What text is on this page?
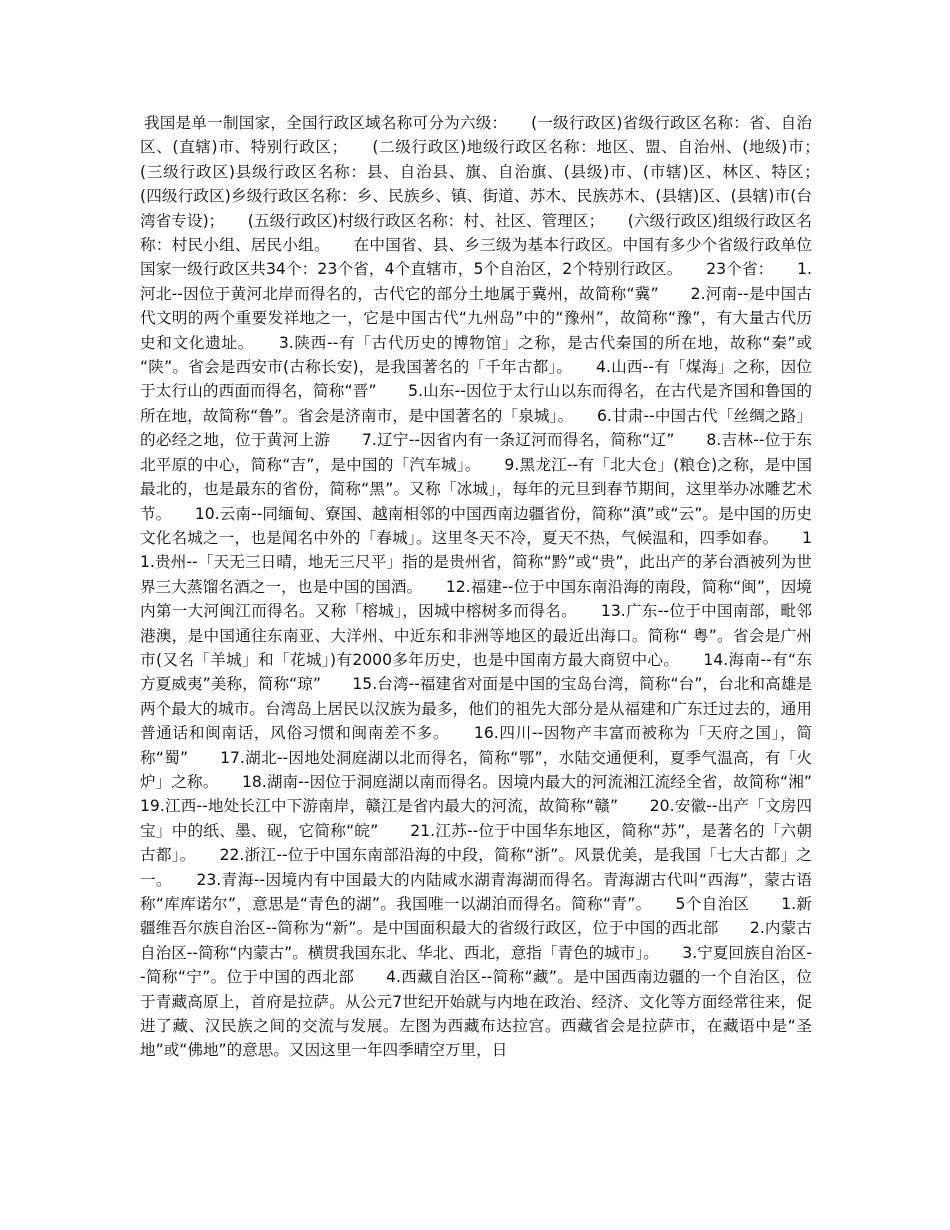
我国是单一制国家，全国行政区域名称可分为六级：　　(一级行政区)省级行政区名称：省、自治区、(直辖)市、特别行政区；　　(二级行政区)地级行政区名称：地区、盟、自治州、(地级)市；　　(三级行政区)县级行政区名称：县、自治县、旗、自治旗、(县级)市、(市辖)区、林区、特区；　　(四级行政区)乡级行政区名称：乡、民族乡、镇、街道、苏木、民族苏木、(县辖)区、(县辖)市(台湾省专设)；　　(五级行政区)村级行政区名称：村、社区、管理区；　　(六级行政区)组级行政区名称：村民小组、居民小组。　　在中国省、县、乡三级为基本行政区。中国有多少个省级行政单位　　国家一级行政区共34个：23个省，4个直辖市，5个自治区，2个特别行政区。　　23个省：　　1.河北--因位于黄河北岸而得名的，古代它的部分土地属于冀州，故简称“冀”　　2.河南--是中国古代文明的两个重要发祥地之一，它是中国古代“九州岛”中的“豫州”，故简称“豫”，有大量古代历史和文化遗址。　　3.陕西--有「古代历史的博物馆」之称，是古代秦国的所在地，故称“秦”或 “陕”。省会是西安市(古称长安)，是我国著名的「千年古都」。　　4.山西--有「煤海」之称，因位于太行山的西面而得名，简称“晋”　　5.山东--因位于太行山以东而得名，在古代是齐国和鲁国的所在地，故简称“鲁”。省会是济南市，是中国著名的「泉城」。　　6.甘肃--中国古代「丝绸之路」的必经之地，位于黄河上游　　7.辽宁--因省内有一条辽河而得名，简称“辽”　　8.吉林--位于东北平原的中心，简称“吉”，是中国的「汽车城」。　　9.黑龙江--有「北大仓」(粮仓)之称，是中国最北的，也是最东的省份，简称“黑”。又称「冰城」，每年的元旦到春节期间，这里举办冰雕艺术节。　　10.云南--同缅甸、寮国、越南相邻的中国西南边疆省份，简称“滇”或“云”。是中国的历史文化名城之一，也是闻名中外的「春城」。这里冬天不冷，夏天不热，气候温和，四季如春。　　11.贵州--「天无三日晴，地无三尺平」指的是贵州省，简称“黔”或“贵”，此出产的茅台酒被列为世界三大蒸馏名酒之一，也是中国的国酒。　　12.福建--位于中国东南沿海的南段，简称“闽”，因境内第一大河闽江而得名。又称「榕城」，因城中榕树多而得名。　　13.广东--位于中国南部，毗邻港澳，是中国通往东南亚、大洋州、中近东和非洲等地区的最近出海口。简称“ 粤”。省会是广州市(又名「羊城」和「花城」)有2000多年历史，也是中国南方最大商贸中心。　　14.海南--有“东方夏威夷”美称，简称“琼”　　15.台湾--福建省对面是中国的宝岛台湾，简称“台”，台北和高雄是两个最大的城市。台湾岛上居民以汉族为最多，他们的祖先大部分是从福建和广东迁过去的，通用普通话和闽南话，风俗习惯和闽南差不多。　　16.四川--因物产丰富而被称为「天府之国」，简称“蜀”　　17.湖北--因地处洞庭湖以北而得名，简称“鄂”，水陆交通便利，夏季气温高，有「火炉」之称。　　18.湖南--因位于洞庭湖以南而得名。因境内最大的河流湘江流经全省，故简称“湘”　　19.江西--地处长江中下游南岸，赣江是省内最大的河流，故简称“赣”　　20.安徽--出产「文房四宝」中的纸、墨、砚，它简称“皖”　　21.江苏--位于中国华东地区，简称“苏”，是著名的「六朝古都」。　　22.浙江--位于中国东南部沿海的中段，简称“浙”。风景优美，是我国「七大古都」之一。　　23.青海--因境内有中国最大的内陆咸水湖青海湖而得名。青海湖古代叫“西海”，蒙古语称“库库诺尔”，意思是“青色的湖”。我国唯一以湖泊而得名。简称“青”。　　5个自治区　　1.新疆维吾尔族自治区--简称为“新”。是中国面积最大的省级行政区，位于中国的西北部　　2.内蒙古自治区--简称“内蒙古”。横贯我国东北、华北、西北，意指「青色的城市」。　　3.宁夏回族自治区--简称“宁”。位于中国的西北部　　4.西藏自治区--简称“藏”。是中国西南边疆的一个自治区，位于青藏高原上，首府是拉萨。从公元7世纪开始就与内地在政治、经济、文化等方面经常往来，促进了藏、汉民族之间的交流与发展。左图为西藏布达拉宫。西藏省会是拉萨市，在藏语中是“圣地”或“佛地”的意思。又因这里一年四季晴空万里，日
